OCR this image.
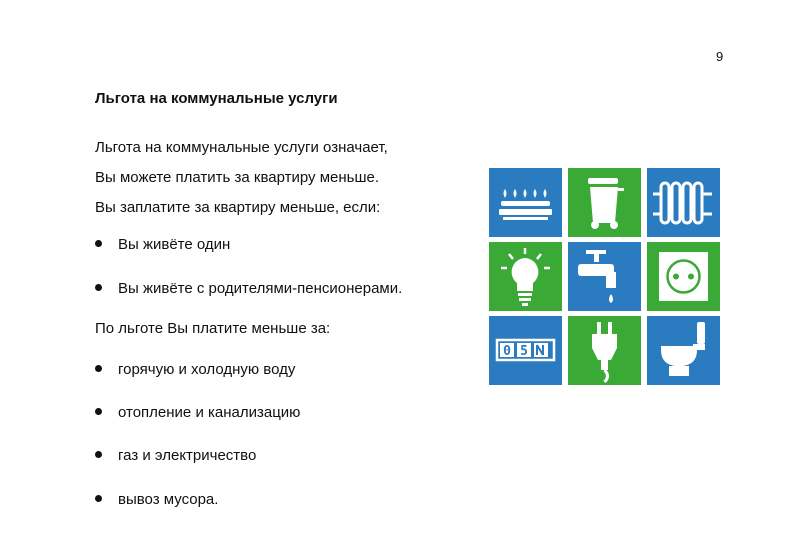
9
Льгота на коммунальные услуги
Льгота на коммунальные услуги означает,
Вы можете платить за квартиру меньше.
Вы заплатите за квартиру меньше, если:
Вы живёте один
Вы живёте с родителями-пенсионерами.
По льготе Вы платите меньше за:
горячую и холодную воду
отопление и канализацию
газ и электричество
вывоз мусора.
0 5
